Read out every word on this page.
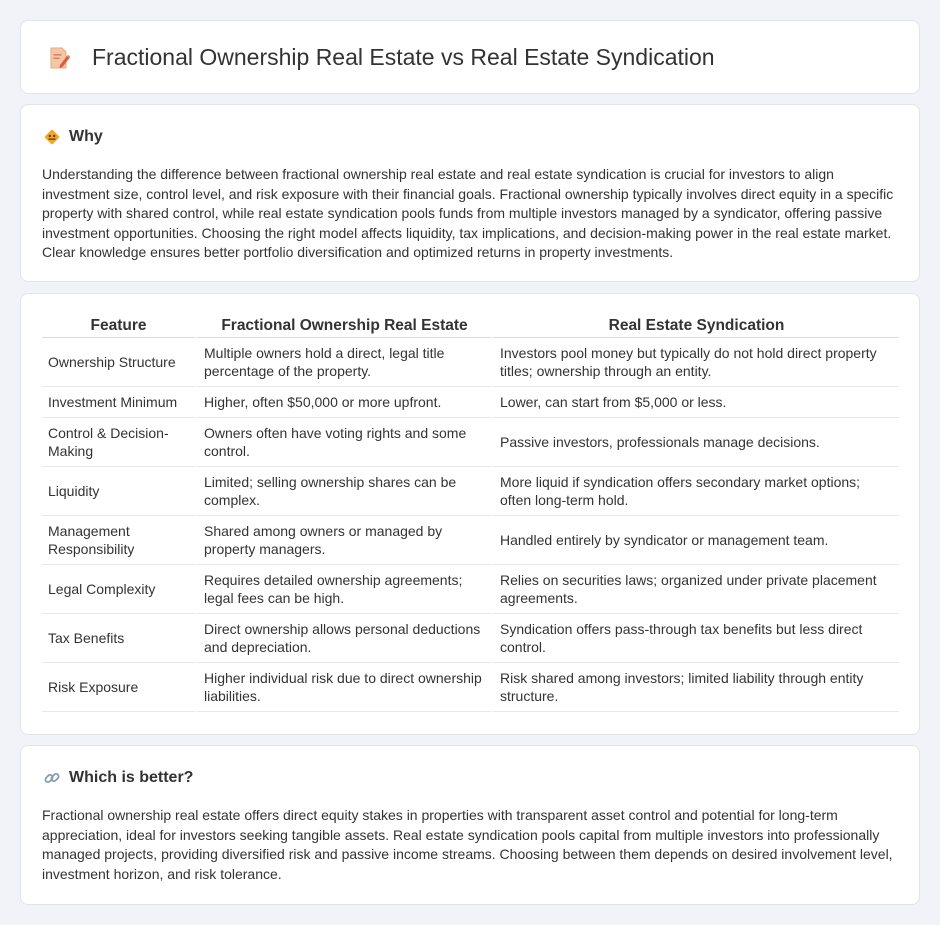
Fractional Ownership Real Estate vs Real Estate Syndication
Why

Understanding the difference between fractional ownership real estate and real estate syndication is crucial for investors to align investment size, control level, and risk exposure with their financial goals. Fractional ownership typically involves direct equity in a specific property with shared control, while real estate syndication pools funds from multiple investors managed by a syndicator, offering passive investment opportunities. Choosing the right model affects liquidity, tax implications, and decision-making power in the real estate market. Clear knowledge ensures better portfolio diversification and optimized returns in property investments.

Feature	Fractional Ownership Real Estate	Real Estate Syndication
Ownership Structure	Multiple owners hold a direct, legal title percentage of the property.	Investors pool money but typically do not hold direct property titles; ownership through an entity.
Investment Minimum	Higher, often $50,000 or more upfront.	Lower, can start from $5,000 or less.
Control & Decision-Making	Owners often have voting rights and some control.	Passive investors, professionals manage decisions.
Liquidity	Limited; selling ownership shares can be complex.	More liquid if syndication offers secondary market options; often long-term hold.
Management Responsibility	Shared among owners or managed by property managers.	Handled entirely by syndicator or management team.
Legal Complexity	Requires detailed ownership agreements; legal fees can be high.	Relies on securities laws; organized under private placement agreements.
Tax Benefits	Direct ownership allows personal deductions and depreciation.	Syndication offers pass-through tax benefits but less direct control.
Risk Exposure	Higher individual risk due to direct ownership liabilities.	Risk shared among investors; limited liability through entity structure.
Which is better?

Fractional ownership real estate offers direct equity stakes in properties with transparent asset control and potential for long-term appreciation, ideal for investors seeking tangible assets. Real estate syndication pools capital from multiple investors into professionally managed projects, providing diversified risk and passive income streams. Choosing between them depends on desired involvement level, investment horizon, and risk tolerance.
